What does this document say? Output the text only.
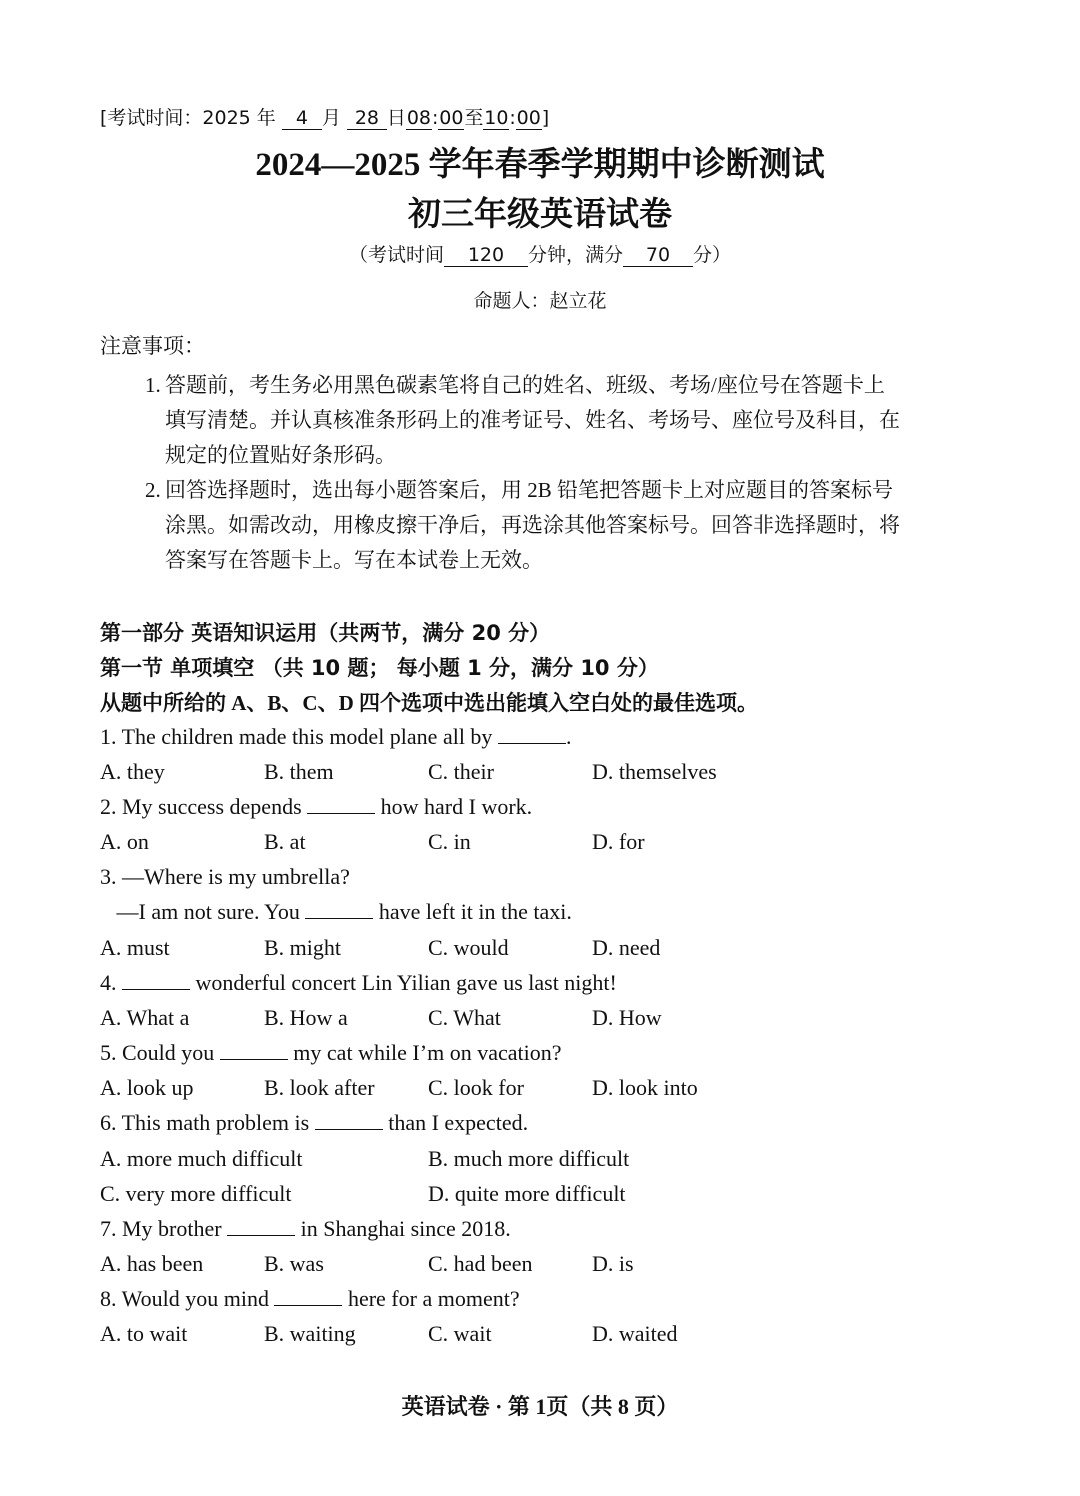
[考试时间：2025 年 4 月 28 日08:00至10:00]
2024—2025 学年春季学期期中诊断测试
初三年级英语试卷
（考试时间 120 分钟，满分 70 分）
命题人：赵立花
注意事项：
1. 答题前，考生务必用黑色碳素笔将自己的姓名、班级、考场/座位号在答题卡上
填写清楚。并认真核准条形码上的准考证号、姓名、考场号、座位号及科目，在
规定的位置贴好条形码。
2. 回答选择题时，选出每小题答案后，用 2B 铅笔把答题卡上对应题目的答案标号
涂黑。如需改动，用橡皮擦干净后，再选涂其他答案标号。回答非选择题时，将
答案写在答题卡上。写在本试卷上无效。
第一部分 英语知识运用（共两节，满分 20 分）
第一节 单项填空 （共 10 题； 每小题 1 分，满分 10 分）
从题中所给的 A、B、C、D 四个选项中选出能填入空白处的最佳选项。
1. The children made this model plane all by	.
A. they	B. them	C. their	D. themselves
2. My success depends	how hard I work.
A. on	B. at	C. in	D. for
3. —Where is my umbrella?
—I am not sure. You	have left it in the taxi.
A. must	B. might	C. would	D. need
4.	wonderful concert Lin Yilian gave us last night!
A. What a	B. How a	C. What	D. How
5. Could you	my cat while I’m on vacation?
A. look up	B. look after C. look for	D. look into
6. This math problem is	than I expected.
A. more much difficult	B. much more difficult
C. very more difficult	D. quite more difficult
7. My brother	in Shanghai since 2018.
A. has been	B. was	C. had been	D. is
8. Would you mind	here for a moment?
A. to wait	B. waiting	C. wait	D. waited
英语试卷 · 第 1页（共 8 页）
